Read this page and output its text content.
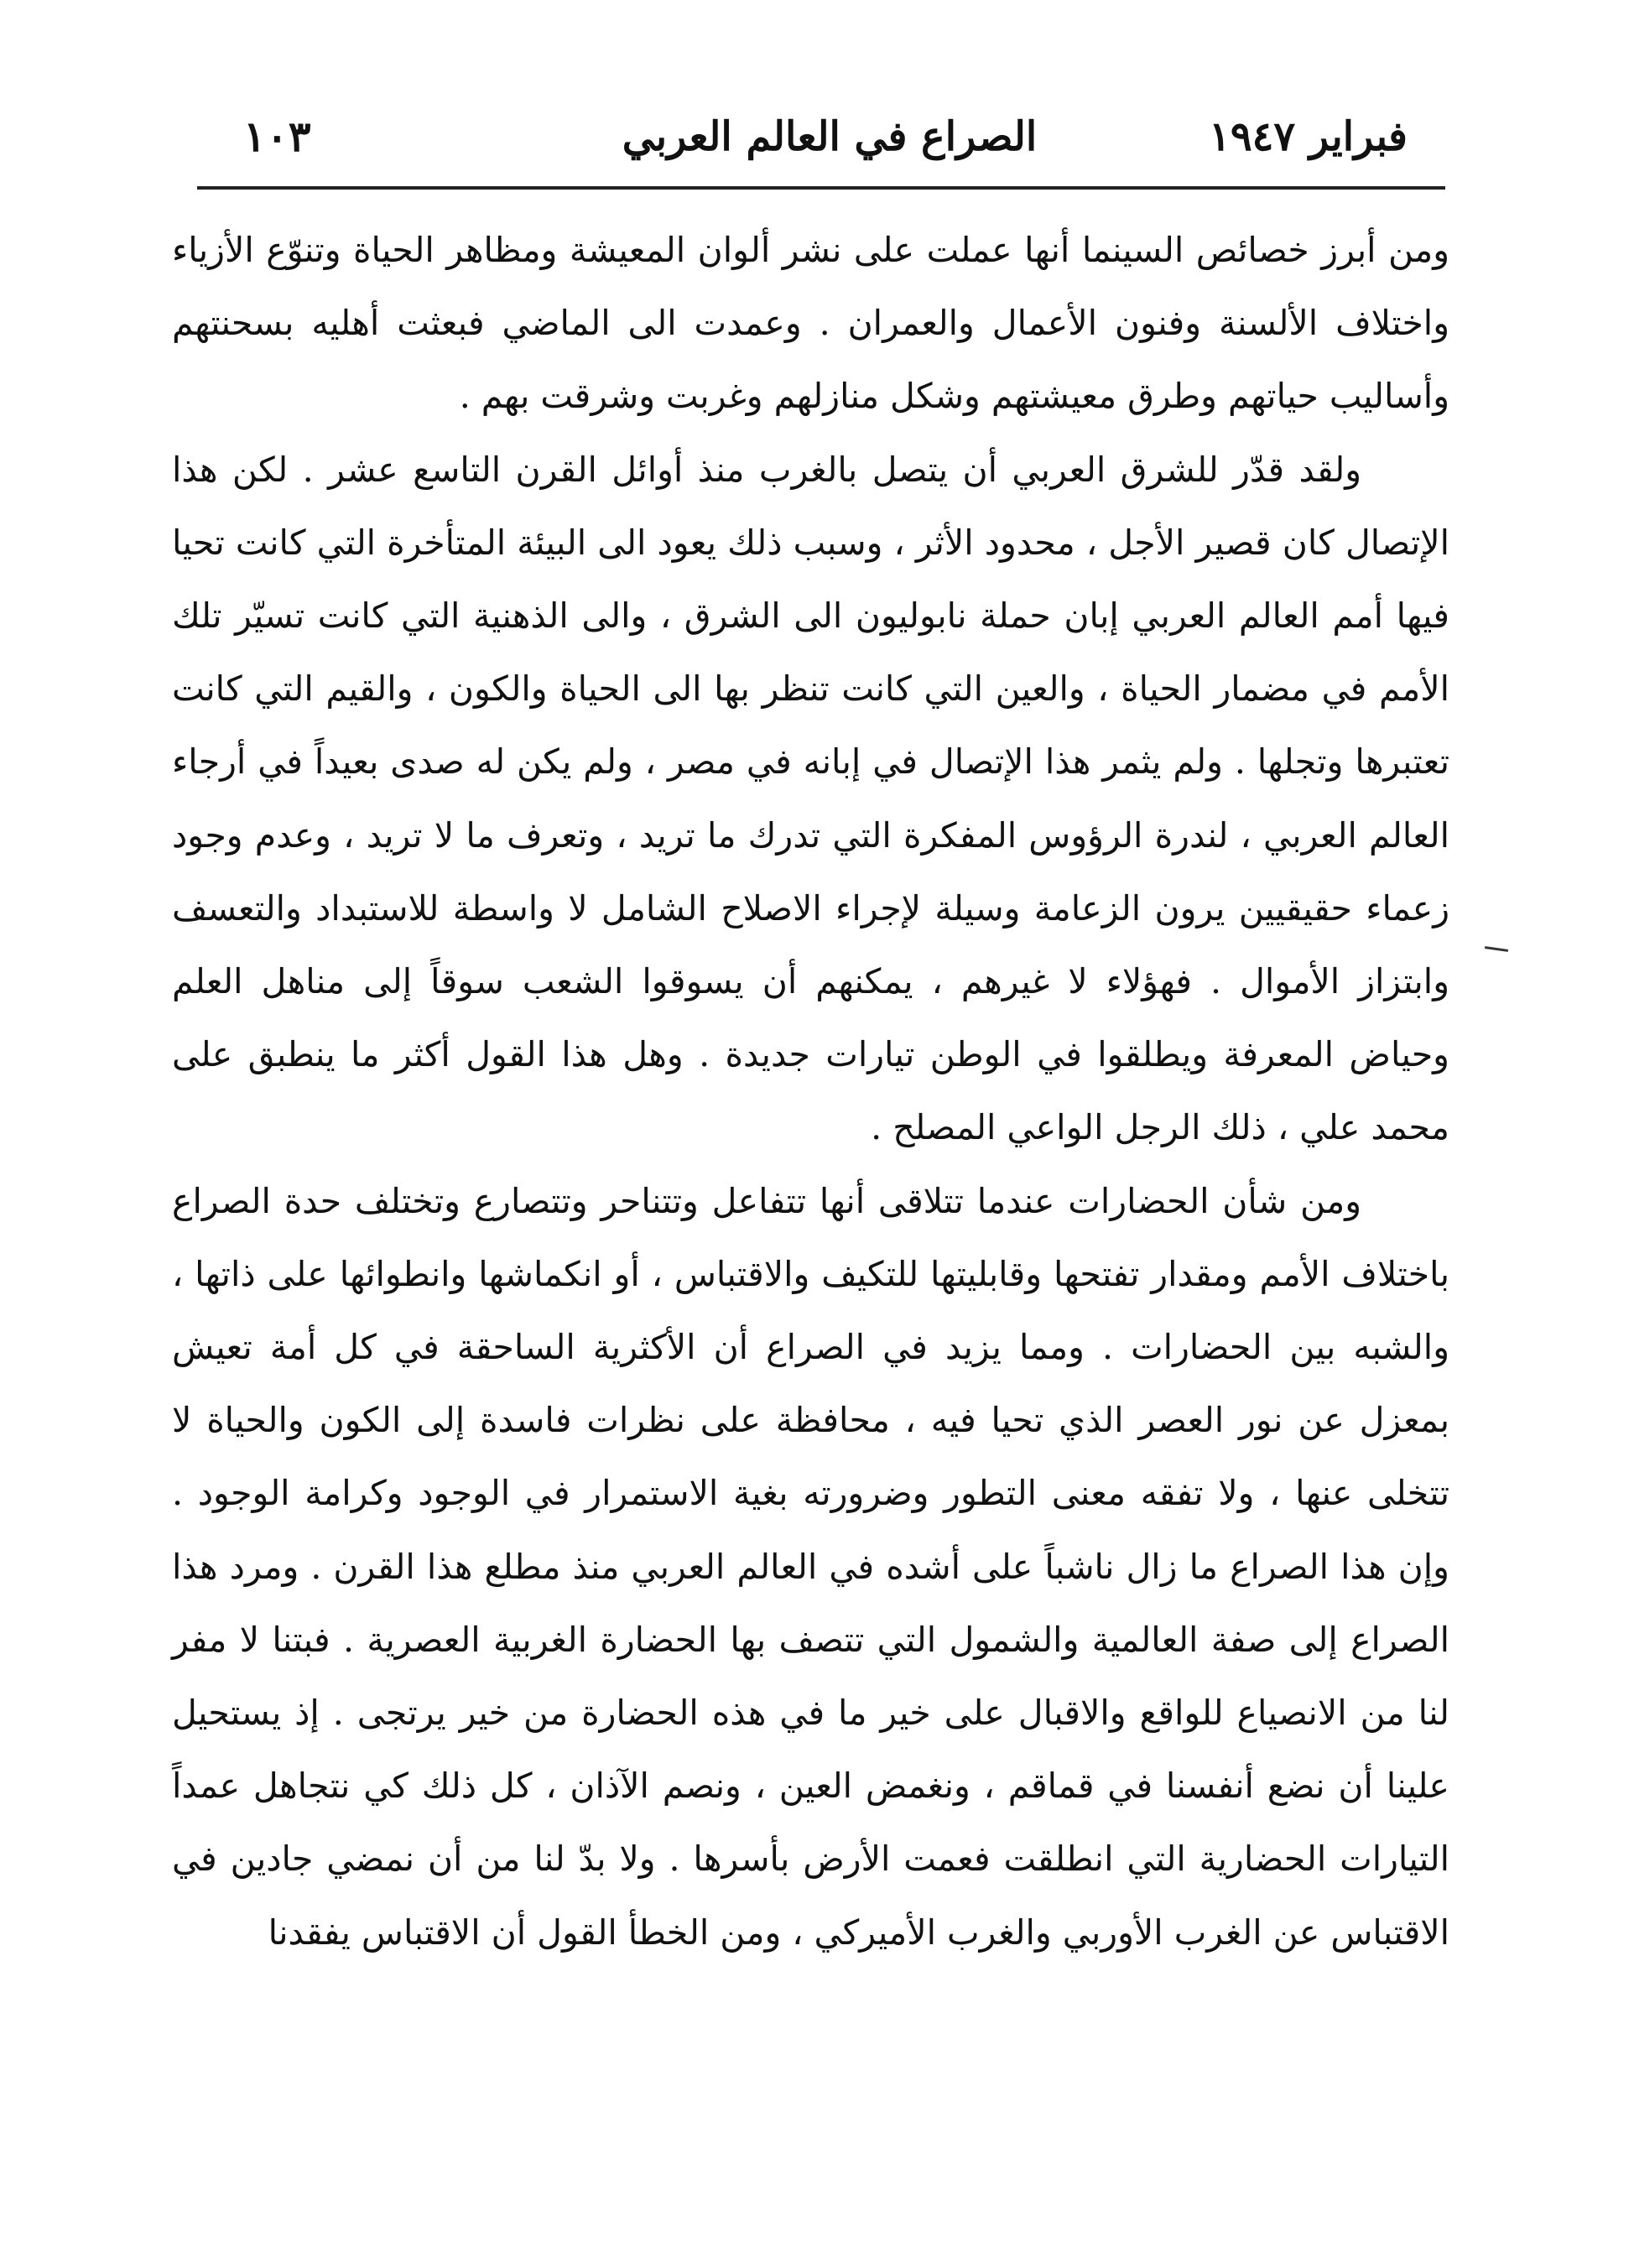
١٠٣	الصراع في العالم العربي	فبراير ١٩٤٧

ومن أبرز خصائص السينما أنها عملت على نشر ألوان المعيشة ومظاهر الحياة وتنوّع الأزياء واختلاف الألسنة وفنون الأعمال والعمران . وعمدت الى الماضي فبعثت أهليه بسحنتهم وأساليب حياتهم وطرق معيشتهم وشكل منازلهم وغربت وشرقت بهم .

ولقد قدّر للشرق العربي أن يتصل بالغرب منذ أوائل القرن التاسع عشر . لكن هذا الإتصال كان قصير الأجل ، محدود الأثر ، وسبب ذلك يعود الى البيئة المتأخرة التي كانت تحيا فيها أمم العالم العربي إبان حملة نابوليون الى الشرق ، والى الذهنية التي كانت تسيّر تلك الأمم في مضمار الحياة ، والعين التي كانت تنظر بها الى الحياة والكون ، والقيم التي كانت تعتبرها وتجلها . ولم يثمر هذا الإتصال في إبانه في مصر ، ولم يكن له صدى بعيداً في أرجاء العالم العربي ، لندرة الرؤوس المفكرة التي تدرك ما تريد ، وتعرف ما لا تريد ، وعدم وجود زعماء حقيقيين يرون الزعامة وسيلة لإجراء الاصلاح الشامل لا واسطة للاستبداد والتعسف وابتزاز الأموال . فهؤلاء لا غيرهم ، يمكنهم أن يسوقوا الشعب سوقاً إلى مناهل العلم وحياض المعرفة ويطلقوا في الوطن تيارات جديدة . وهل هذا القول أكثر ما ينطبق على محمد علي ، ذلك الرجل الواعي المصلح .

ومن شأن الحضارات عندما تتلاقى أنها تتفاعل وتتناحر وتتصارع وتختلف حدة الصراع باختلاف الأمم ومقدار تفتحها وقابليتها للتكيف والاقتباس ، أو انكماشها وانطوائها على ذاتها ، والشبه بين الحضارات . ومما يزيد في الصراع أن الأكثرية الساحقة في كل أمة تعيش بمعزل عن نور العصر الذي تحيا فيه ، محافظة على نظرات فاسدة إلى الكون والحياة لا تتخلى عنها ، ولا تفقه معنى التطور وضرورته بغية الاستمرار في الوجود وكرامة الوجود . وإن هذا الصراع ما زال ناشباً على أشده في العالم العربي منذ مطلع هذا القرن . ومرد هذا الصراع إلى صفة العالمية والشمول التي تتصف بها الحضارة الغربية العصرية . فبتنا لا مفر لنا من الانصياع للواقع والاقبال على خير ما في هذه الحضارة من خير يرتجى . إذ يستحيل علينا أن نضع أنفسنا في قماقم ، ونغمض العين ، ونصم الآذان ، كل ذلك كي نتجاهل عمداً التيارات الحضارية التي انطلقت فعمت الأرض بأسرها . ولا بدّ لنا من أن نمضي جادين في الاقتباس عن الغرب الأوربي والغرب الأميركي ، ومن الخطأ القول أن الاقتباس يفقدنا
